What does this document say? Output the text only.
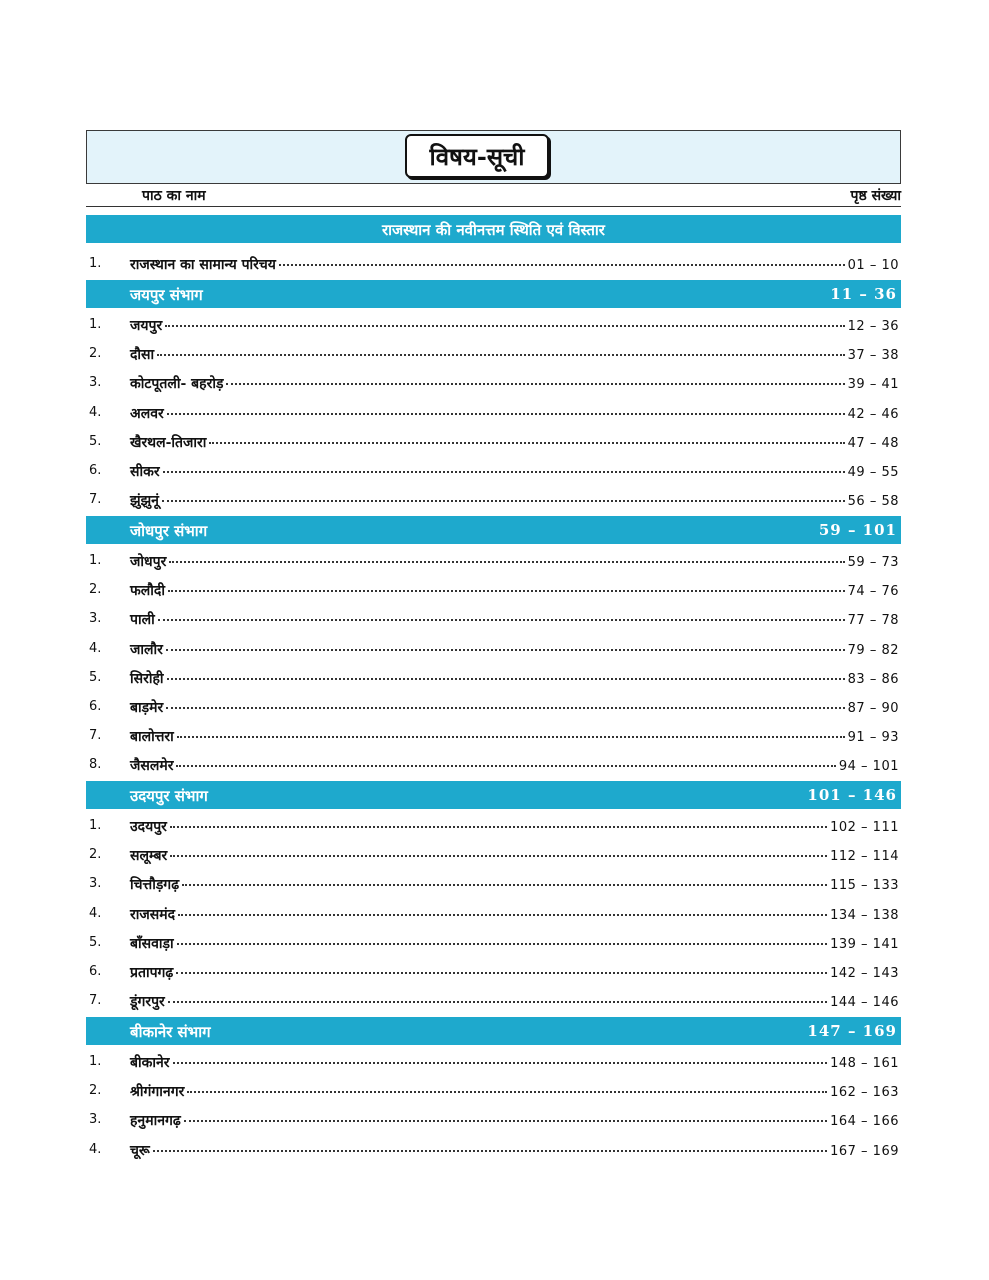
विषय-सूची
पाठ का नाम	पृष्ठ संख्या
राजस्थान की नवीनत्तम स्थिति एवं विस्तार
1. राजस्थान का सामान्य परिचय	01 – 10
जयपुर संभाग	11 – 36
1. जयपुर	12 – 36
2. दौसा	37 – 38
3. कोटपूतली- बहरोड़	39 – 41
4. अलवर	42 – 46
5. खैरथल-तिजारा	47 – 48
6. सीकर	49 – 55
7. झुंझुनूं	56 – 58
जोधपुर संभाग	59 – 101
1. जोधपुर	59 – 73
2. फलौदी	74 – 76
3. पाली	77 – 78
4. जालौर	79 – 82
5. सिरोही	83 – 86
6. बाड़मेर	87 – 90
7. बालोत्तरा	91 – 93
8. जैसलमेर	94 – 101
उदयपुर संभाग	101 – 146
1. उदयपुर	102 – 111
2. सलूम्बर	112 – 114
3. चित्तौड़गढ़	115 – 133
4. राजसमंद	134 – 138
5. बाँसवाड़ा	139 – 141
6. प्रतापगढ़	142 – 143
7. डूंगरपुर	144 – 146
बीकानेर संभाग	147 – 169
1. बीकानेर	148 – 161
2. श्रीगंगानगर	162 – 163
3. हनुमानगढ़	164 – 166
4. चूरू	167 – 169
